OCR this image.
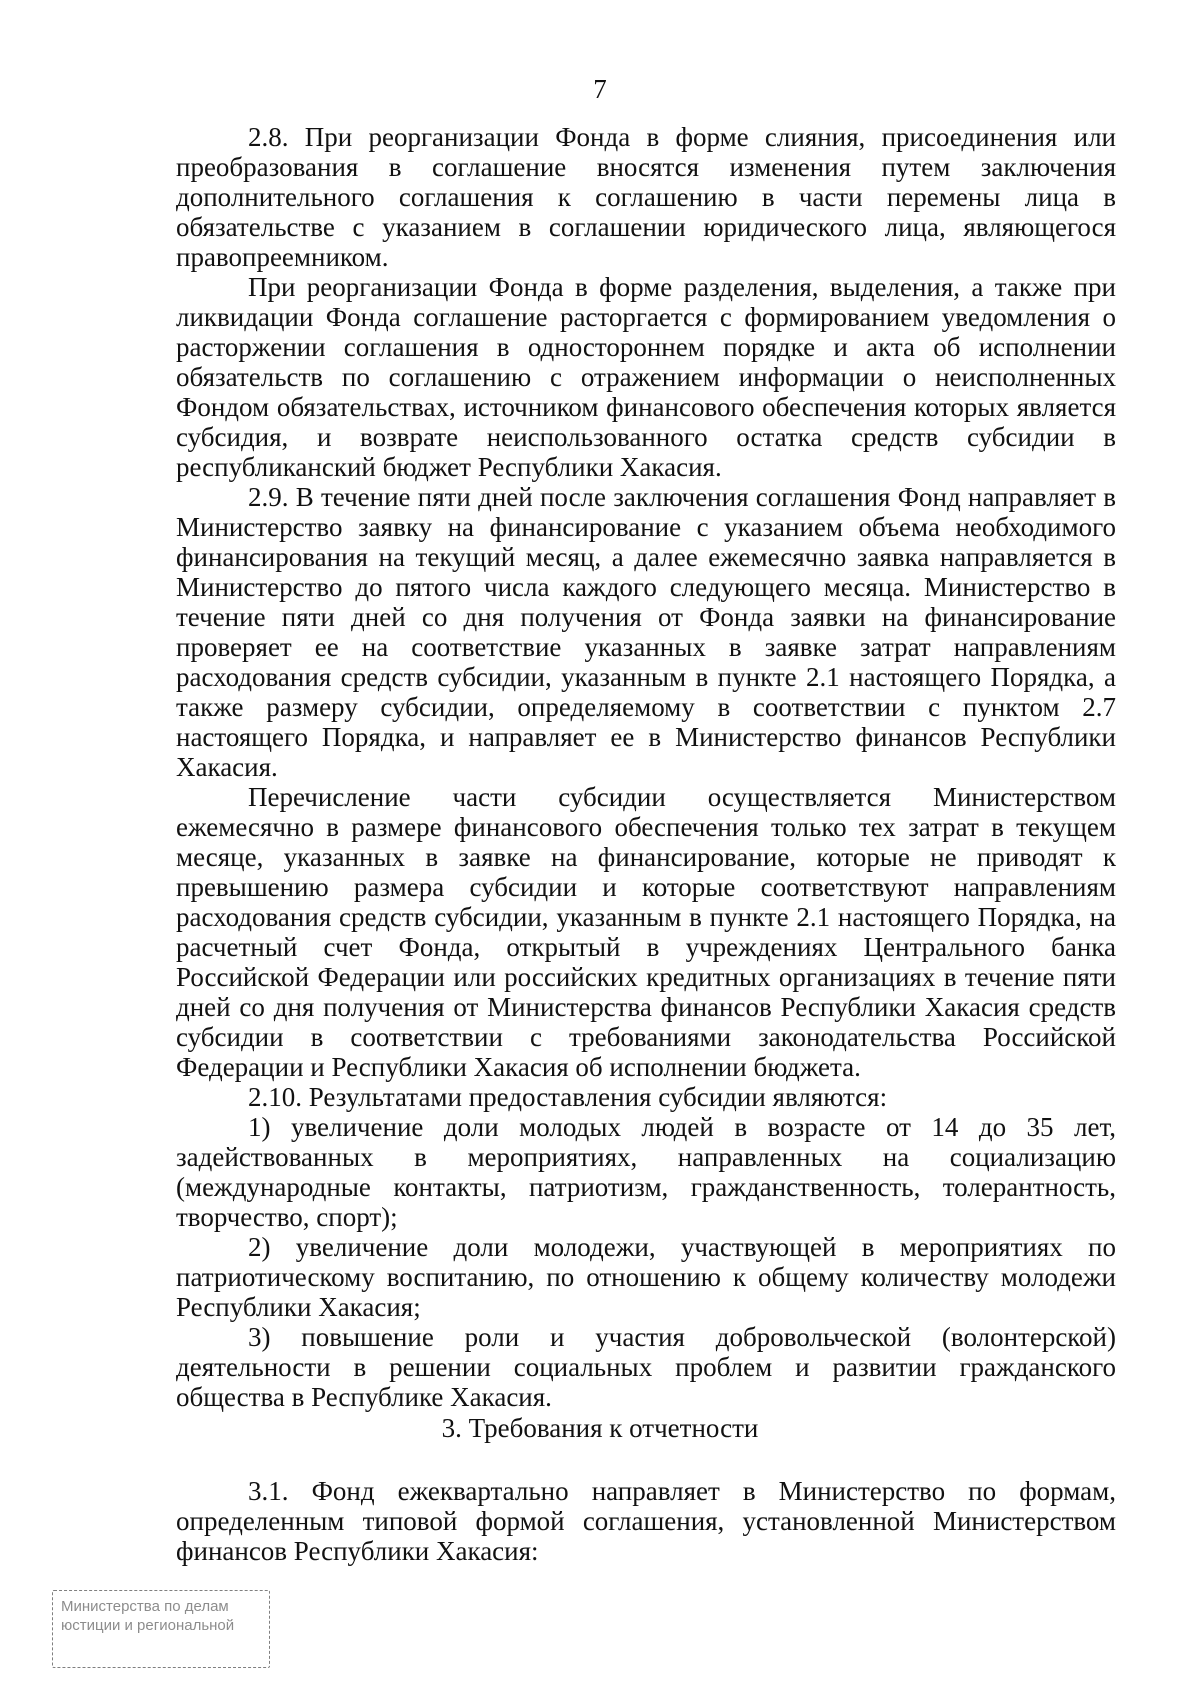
7

2.8. При реорганизации Фонда в форме слияния, присоединения или преобразования в соглашение вносятся изменения путем заключения дополнительного соглашения к соглашению в части перемены лица в обязательстве с указанием в соглашении юридического лица, являющегося правопреемником.

При реорганизации Фонда в форме разделения, выделения, а также при ликвидации Фонда соглашение расторгается с формированием уведомления о расторжении соглашения в одностороннем порядке и акта об исполнении обязательств по соглашению с отражением информации о неисполненных Фондом обязательствах, источником финансового обеспечения которых является субсидия, и возврате неиспользованного остатка средств субсидии в республиканский бюджет Республики Хакасия.

2.9. В течение пяти дней после заключения соглашения Фонд направляет в Министерство заявку на финансирование с указанием объема необходимого финансирования на текущий месяц, а далее ежемесячно заявка направляется в Министерство до пятого числа каждого следующего месяца. Министерство в течение пяти дней со дня получения от Фонда заявки на финансирование проверяет ее на соответствие указанных в заявке затрат направлениям расходования средств субсидии, указанным в пункте 2.1 настоящего Порядка, а также размеру субсидии, определяемому в соответствии с пунктом 2.7 настоящего Порядка, и направляет ее в Министерство финансов Республики Хакасия.

Перечисление части субсидии осуществляется Министерством ежемесячно в размере финансового обеспечения только тех затрат в текущем месяце, указанных в заявке на финансирование, которые не приводят к превышению размера субсидии и которые соответствуют направлениям расходования средств субсидии, указанным в пункте 2.1 настоящего Порядка, на расчетный счет Фонда, открытый в учреждениях Центрального банка Российской Федерации или российских кредитных организациях в течение пяти дней со дня получения от Министерства финансов Республики Хакасия средств субсидии в соответствии с требованиями законодательства Российской Федерации и Республики Хакасия об исполнении бюджета.

2.10. Результатами предоставления субсидии являются:

1) увеличение доли молодых людей в возрасте от 14 до 35 лет, задействованных в мероприятиях, направленных на социализацию (международные контакты, патриотизм, гражданственность, толерантность, творчество, спорт);

2) увеличение доли молодежи, участвующей в мероприятиях по патриотическому воспитанию, по отношению к общему количеству молодежи Республики Хакасия;

3) повышение роли и участия добровольческой (волонтерской) деятельности в решении социальных проблем и развитии гражданского общества в Республике Хакасия.

3. Требования к отчетности

3.1. Фонд ежеквартально направляет в Министерство по формам, определенным типовой формой соглашения, установленной Министерством финансов Республики Хакасия:

Министерства по делам
юстиции и региональной
